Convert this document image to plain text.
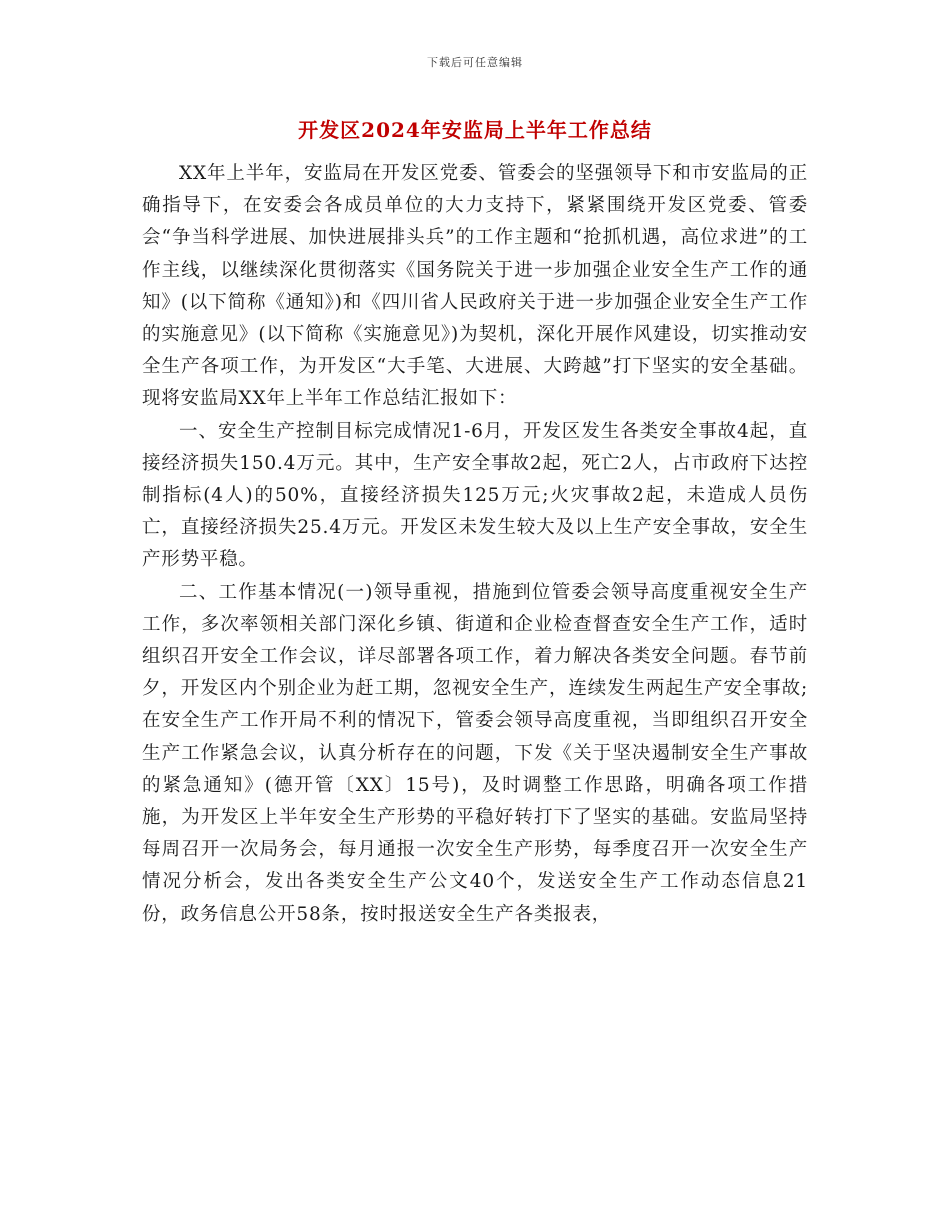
下载后可任意编辑
开发区2024年安监局上半年工作总结

XX年上半年，安监局在开发区党委、管委会的坚强领导下和市安监局的正确指导下，在安委会各成员单位的大力支持下，紧紧围绕开发区党委、管委会“争当科学进展、加快进展排头兵”的工作主题和“抢抓机遇，高位求进”的工作主线，以继续深化贯彻落实《国务院关于进一步加强企业安全生产工作的通知》(以下简称《通知》)和《四川省人民政府关于进一步加强企业安全生产工作的实施意见》(以下简称《实施意见》)为契机，深化开展作风建设，切实推动安全生产各项工作，为开发区“大手笔、大进展、大跨越”打下坚实的安全基础。现将安监局XX年上半年工作总结汇报如下：

一、安全生产控制目标完成情况1-6月，开发区发生各类安全事故4起，直接经济损失150.4万元。其中，生产安全事故2起，死亡2人，占市政府下达控制指标(4人)的50%，直接经济损失125万元;火灾事故2起，未造成人员伤亡，直接经济损失25.4万元。开发区未发生较大及以上生产安全事故，安全生产形势平稳。

二、工作基本情况(一)领导重视，措施到位管委会领导高度重视安全生产工作，多次率领相关部门深化乡镇、街道和企业检查督查安全生产工作，适时组织召开安全工作会议，详尽部署各项工作，着力解决各类安全问题。春节前夕，开发区内个别企业为赶工期，忽视安全生产，连续发生两起生产安全事故;在安全生产工作开局不利的情况下，管委会领导高度重视，当即组织召开安全生产工作紧急会议，认真分析存在的问题，下发《关于坚决遏制安全生产事故的紧急通知》(德开管〔XX〕15号)，及时调整工作思路，明确各项工作措施，为开发区上半年安全生产形势的平稳好转打下了坚实的基础。安监局坚持每周召开一次局务会，每月通报一次安全生产形势，每季度召开一次安全生产情况分析会，发出各类安全生产公文40个，发送安全生产工作动态信息21份，政务信息公开58条，按时报送安全生产各类报表，
